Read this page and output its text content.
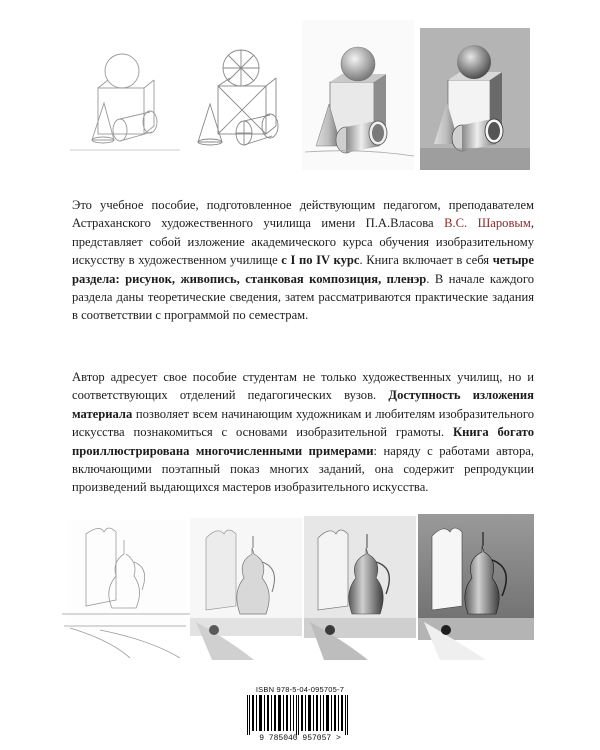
Это учебное пособие, подготовленное действующим педагогом, преподавателем Астраханского художественного училища имени П.А.Власова В.С. Шаровым, представляет собой изложение академического курса обучения изобразительному искусству в художественном училище с I по IV курс. Книга включает в себя четыре раздела: рисунок, живопись, станковая композиция, пленэр. В начале каждого раздела даны теоретические сведения, затем рассматриваются практические задания в соответствии с программой по семестрам.

Автор адресует свое пособие студентам не только художественных училищ, но и соответствующих отделений педагогических вузов. Доступность изложения материала позволяет всем начинающим художникам и любителям изобразительного искусства познакомиться с основами изобразительной грамоты. Книга богато проиллюстрирована многочисленными примерами: наряду с работами автора, включающими поэтапный показ многих заданий, она содержит репродукции произведений выдающихся мастеров изобразительного искусства.

ISBN 978-5-04-095705-7
9 785040 957057 >
